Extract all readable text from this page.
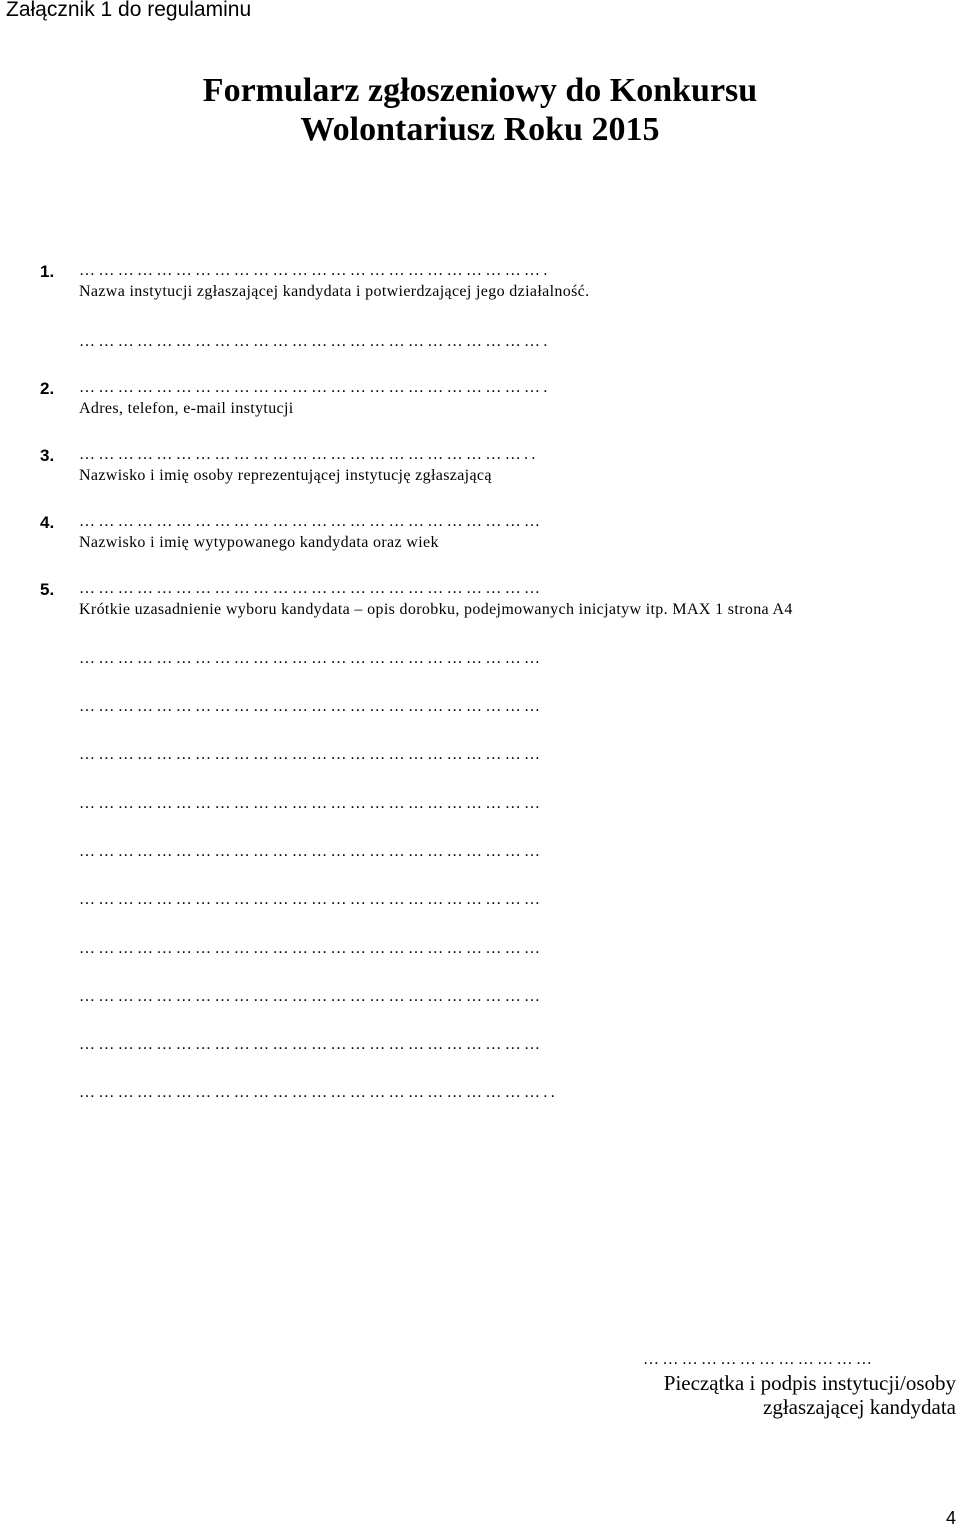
Załącznik 1 do regulaminu
Formularz zgłoszeniowy do Konkursu
Wolontariusz Roku 2015
1. ……………………………………………………………….
Nazwa instytucji zgłaszającej kandydata i potwierdzającej jego działalność.
……………………………………………………………….
2. ……………………………………………………………….
Adres, telefon, e-mail instytucji
3. ……………………………………………………………..
Nazwisko i imię osoby reprezentującej instytucję zgłaszającą
4. ………………………………………………………………
Nazwisko i imię wytypowanego kandydata oraz wiek
5. ………………………………………………………………
Krótkie uzasadnienie wyboru kandydata – opis dorobku, podejmowanych inicjatyw itp. MAX 1 strona A4
………………………………………………………………
………………………………………………………………
………………………………………………………………
………………………………………………………………
………………………………………………………………
………………………………………………………………
………………………………………………………………
………………………………………………………………
………………………………………………………………
………………………………………………………………..
………………………………
Pieczątka i podpis instytucji/osoby
zgłaszającej kandydata
4
